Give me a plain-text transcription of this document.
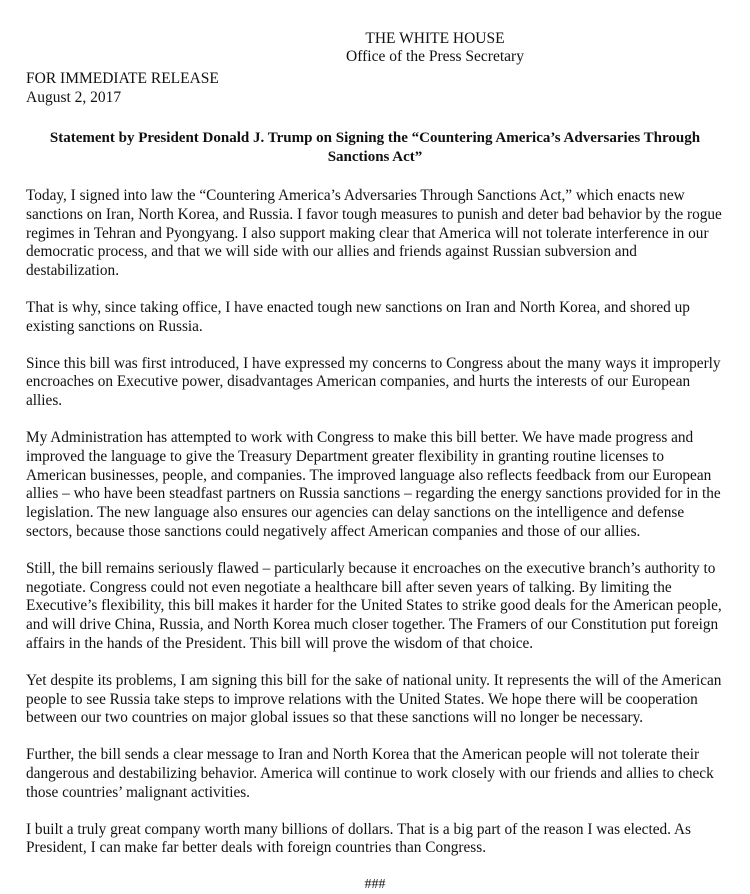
THE WHITE HOUSE
Office of the Press Secretary
FOR IMMEDIATE RELEASE
August 2, 2017
Statement by President Donald J. Trump on Signing the “Countering America’s Adversaries Through Sanctions Act”

Today, I signed into law the “Countering America’s Adversaries Through Sanctions Act,” which enacts new sanctions on Iran, North Korea, and Russia. I favor tough measures to punish and deter bad behavior by the rogue regimes in Tehran and Pyongyang. I also support making clear that America will not tolerate interference in our democratic process, and that we will side with our allies and friends against Russian subversion and destabilization.

That is why, since taking office, I have enacted tough new sanctions on Iran and North Korea, and shored up existing sanctions on Russia.

Since this bill was first introduced, I have expressed my concerns to Congress about the many ways it improperly encroaches on Executive power, disadvantages American companies, and hurts the interests of our European allies.

My Administration has attempted to work with Congress to make this bill better. We have made progress and improved the language to give the Treasury Department greater flexibility in granting routine licenses to American businesses, people, and companies. The improved language also reflects feedback from our European allies – who have been steadfast partners on Russia sanctions – regarding the energy sanctions provided for in the legislation. The new language also ensures our agencies can delay sanctions on the intelligence and defense sectors, because those sanctions could negatively affect American companies and those of our allies.

Still, the bill remains seriously flawed – particularly because it encroaches on the executive branch’s authority to negotiate. Congress could not even negotiate a healthcare bill after seven years of talking. By limiting the Executive’s flexibility, this bill makes it harder for the United States to strike good deals for the American people, and will drive China, Russia, and North Korea much closer together. The Framers of our Constitution put foreign affairs in the hands of the President. This bill will prove the wisdom of that choice.

Yet despite its problems, I am signing this bill for the sake of national unity. It represents the will of the American people to see Russia take steps to improve relations with the United States. We hope there will be cooperation between our two countries on major global issues so that these sanctions will no longer be necessary.

Further, the bill sends a clear message to Iran and North Korea that the American people will not tolerate their dangerous and destabilizing behavior. America will continue to work closely with our friends and allies to check those countries’ malignant activities.

I built a truly great company worth many billions of dollars. That is a big part of the reason I was elected. As President, I can make far better deals with foreign countries than Congress.

###
